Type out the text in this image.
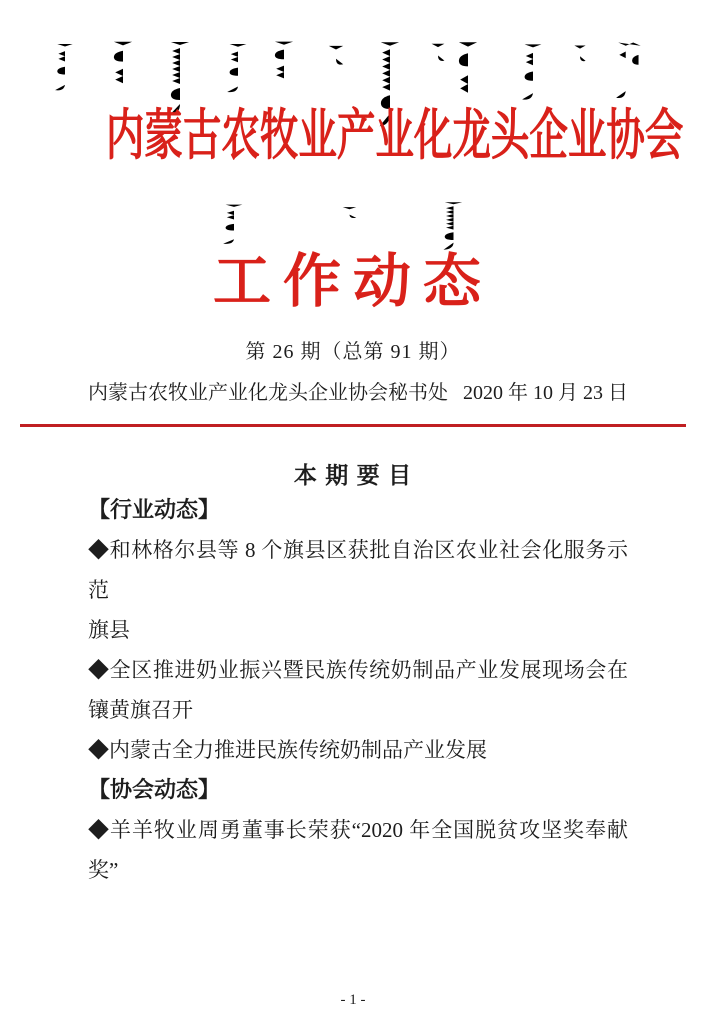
内蒙古农牧业产业化龙头企业协会
工作动态
第 26 期（总第 91 期）
内蒙古农牧业产业化龙头企业协会秘书处 2020 年 10 月 23 日
本 期 要 目
【行业动态】
◆和林格尔县等 8 个旗县区获批自治区农业社会化服务示范
旗县
◆全区推进奶业振兴暨民族传统奶制品产业发展现场会在
镶黄旗召开
◆内蒙古全力推进民族传统奶制品产业发展
【协会动态】
◆羊羊牧业周勇董事长荣获“2020 年全国脱贫攻坚奖奉献
奖”
- 1 -
